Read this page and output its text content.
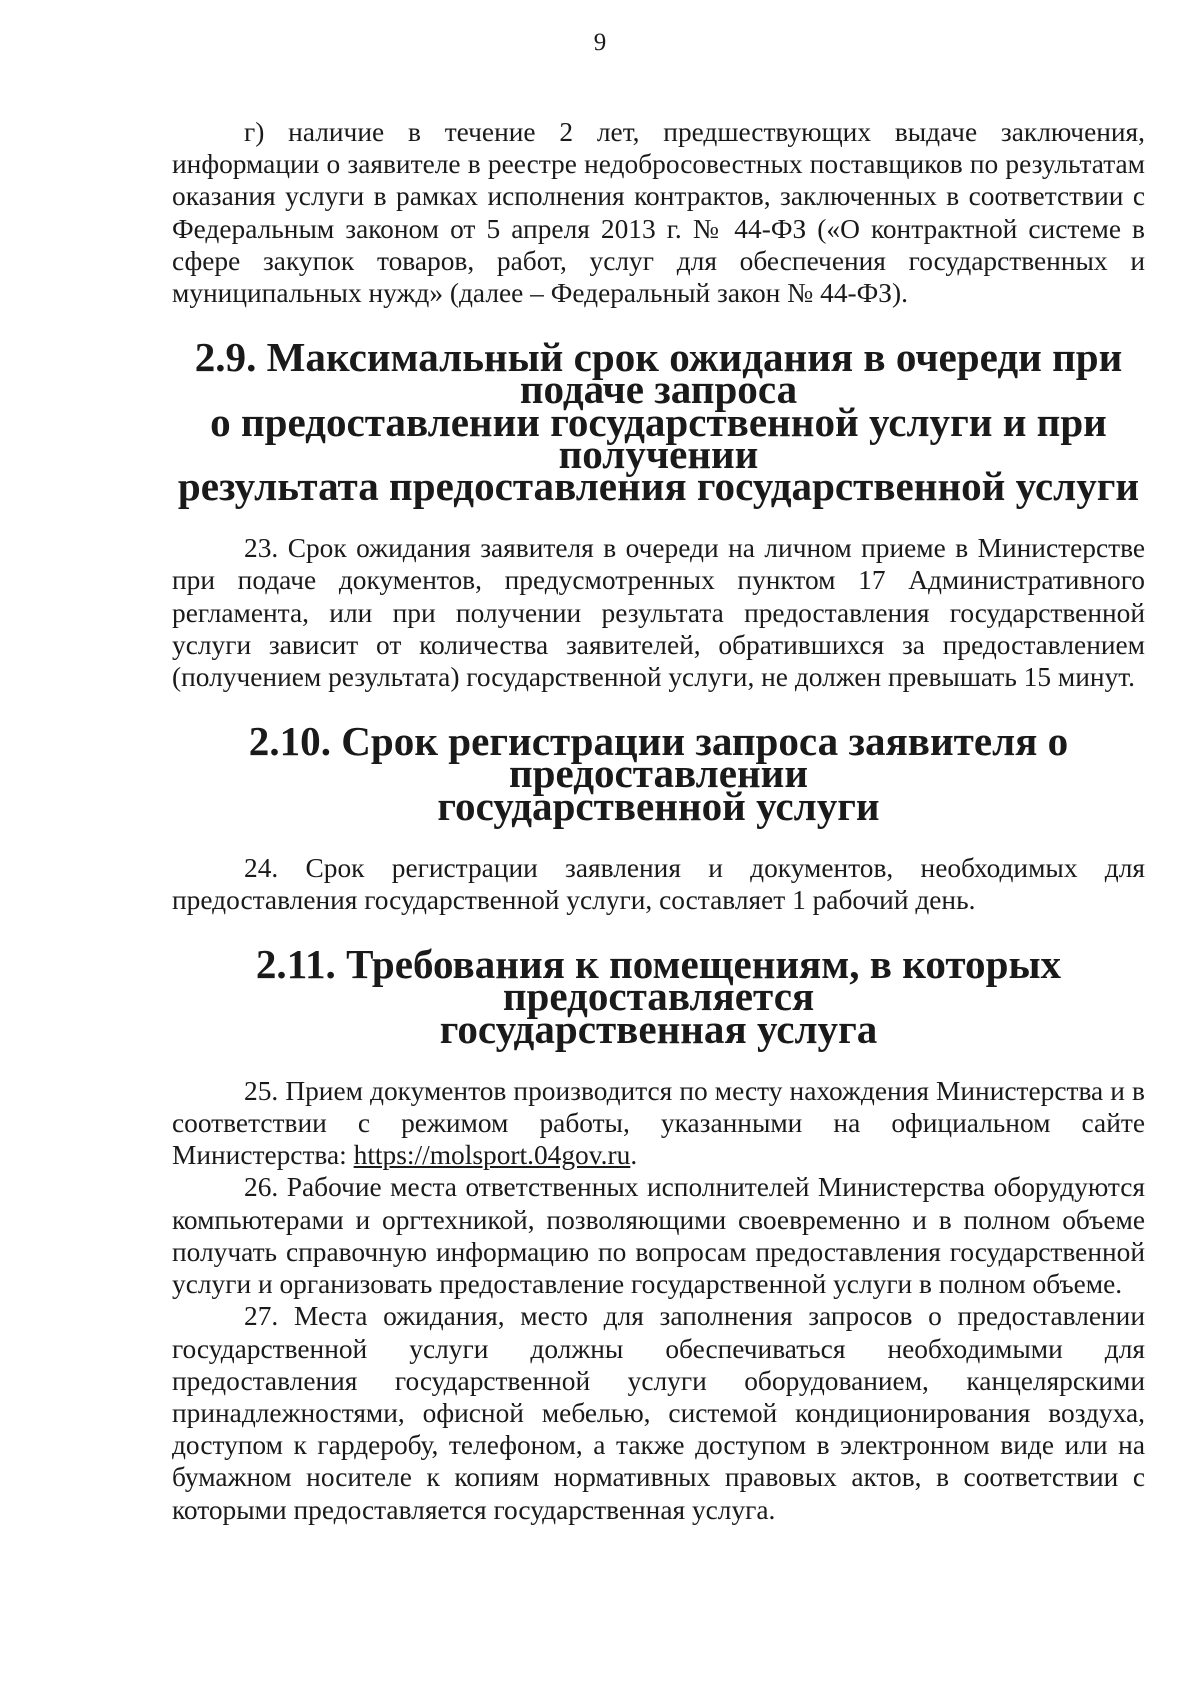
9

г) наличие в течение 2 лет, предшествующих выдаче заключения, информации о заявителе в реестре недобросовестных поставщиков по результатам оказания услуги в рамках исполнения контрактов, заключенных в соответствии с Федеральным законом от 5 апреля 2013 г. № 44-ФЗ («О контрактной системе в сфере закупок товаров, работ, услуг для обеспечения государственных и муниципальных нужд» (далее – Федеральный закон № 44-ФЗ).

2.9. Максимальный срок ожидания в очереди при подаче запроса
о предоставлении государственной услуги и при получении
результата предоставления государственной услуги

23. Срок ожидания заявителя в очереди на личном приеме в Министерстве при подаче документов, предусмотренных пунктом 17 Административного регламента, или при получении результата предоставления государственной услуги зависит от количества заявителей, обратившихся за предоставлением (получением результата) государственной услуги, не должен превышать 15 минут.

2.10. Срок регистрации запроса заявителя о предоставлении
государственной услуги

24. Срок регистрации заявления и документов, необходимых для предоставления государственной услуги, составляет 1 рабочий день.

2.11. Требования к помещениям, в которых предоставляется
государственная услуга

25. Прием документов производится по месту нахождения Министерства и в соответствии с режимом работы, указанными на официальном сайте Министерства: https://molsport.04gov.ru.

26. Рабочие места ответственных исполнителей Министерства оборудуются компьютерами и оргтехникой, позволяющими своевременно и в полном объеме получать справочную информацию по вопросам предоставления государственной услуги и организовать предоставление государственной услуги в полном объеме.

27. Места ожидания, место для заполнения запросов о предоставлении государственной услуги должны обеспечиваться необходимыми для предоставления государственной услуги оборудованием, канцелярскими принадлежностями, офисной мебелью, системой кондиционирования воздуха, доступом к гардеробу, телефоном, а также доступом в электронном виде или на бумажном носителе к копиям нормативных правовых актов, в соответствии с которыми предоставляется государственная услуга.
